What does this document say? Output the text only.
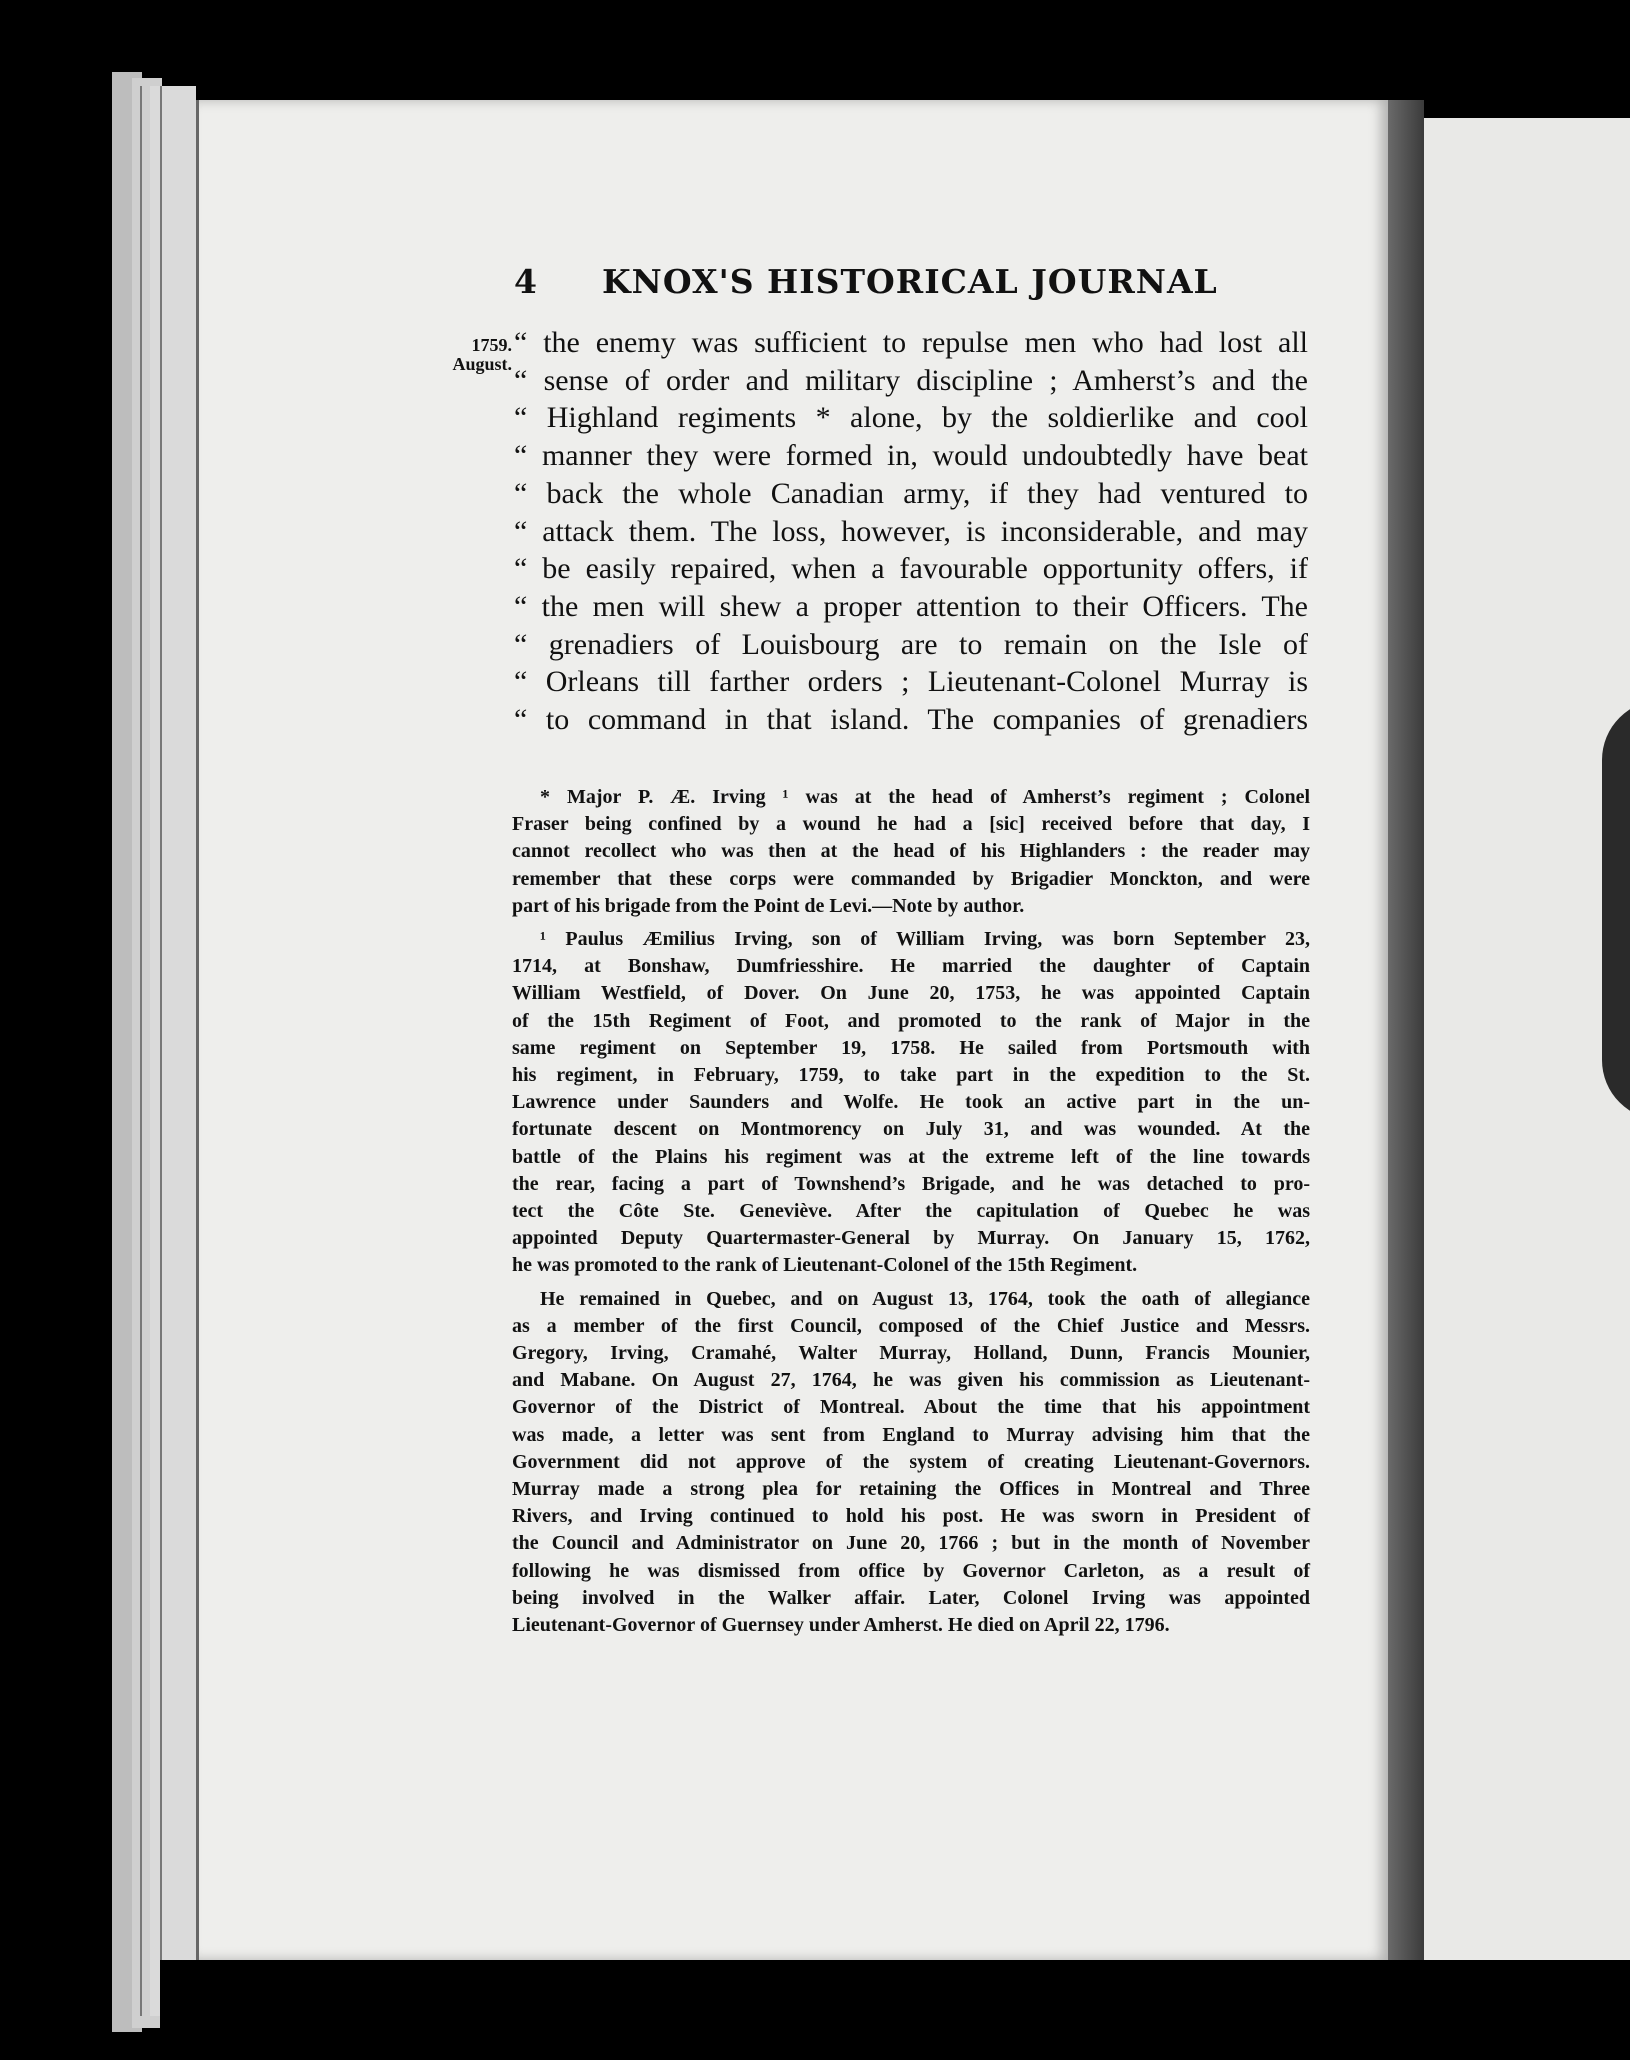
4 KNOX'S HISTORICAL JOURNAL
1759.
August.
“ the enemy was sufficient to repulse men who had lost all
“ sense of order and military discipline ; Amherst’s and the
“ Highland regiments * alone, by the soldierlike and cool
“ manner they were formed in, would undoubtedly have beat
“ back the whole Canadian army, if they had ventured to
“ attack them. The loss, however, is inconsiderable, and may
“ be easily repaired, when a favourable opportunity offers, if
“ the men will shew a proper attention to their Officers. The
“ grenadiers of Louisbourg are to remain on the Isle of
“ Orleans till farther orders ; Lieutenant-Colonel Murray is
“ to command in that island. The companies of grenadiers
* Major P. Æ. Irving ¹ was at the head of Amherst’s regiment ; Colonel
Fraser being confined by a wound he had a [sic] received before that day, I
cannot recollect who was then at the head of his Highlanders : the reader may
remember that these corps were commanded by Brigadier Monckton, and were
part of his brigade from the Point de Levi.—Note by author.
¹ Paulus Æmilius Irving, son of William Irving, was born September 23,
1714, at Bonshaw, Dumfriesshire. He married the daughter of Captain
William Westfield, of Dover. On June 20, 1753, he was appointed Captain
of the 15th Regiment of Foot, and promoted to the rank of Major in the
same regiment on September 19, 1758. He sailed from Portsmouth with
his regiment, in February, 1759, to take part in the expedition to the St.
Lawrence under Saunders and Wolfe. He took an active part in the un-
fortunate descent on Montmorency on July 31, and was wounded. At the
battle of the Plains his regiment was at the extreme left of the line towards
the rear, facing a part of Townshend’s Brigade, and he was detached to pro-
tect the Côte Ste. Geneviève. After the capitulation of Quebec he was
appointed Deputy Quartermaster-General by Murray. On January 15, 1762,
he was promoted to the rank of Lieutenant-Colonel of the 15th Regiment.
He remained in Quebec, and on August 13, 1764, took the oath of allegiance
as a member of the first Council, composed of the Chief Justice and Messrs.
Gregory, Irving, Cramahé, Walter Murray, Holland, Dunn, Francis Mounier,
and Mabane. On August 27, 1764, he was given his commission as Lieutenant-
Governor of the District of Montreal. About the time that his appointment
was made, a letter was sent from England to Murray advising him that the
Government did not approve of the system of creating Lieutenant-Governors.
Murray made a strong plea for retaining the Offices in Montreal and Three
Rivers, and Irving continued to hold his post. He was sworn in President of
the Council and Administrator on June 20, 1766 ; but in the month of November
following he was dismissed from office by Governor Carleton, as a result of
being involved in the Walker affair. Later, Colonel Irving was appointed
Lieutenant-Governor of Guernsey under Amherst. He died on April 22, 1796.
